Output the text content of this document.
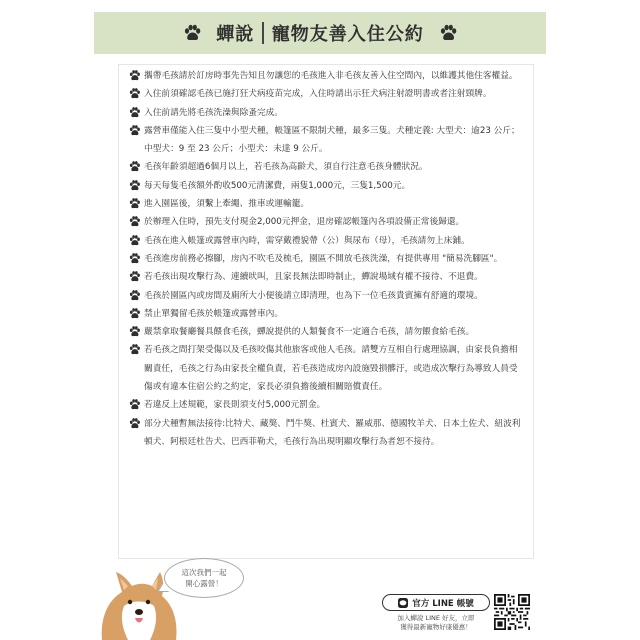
蟬說 寵物友善入住公約
攜帶毛孩請於訂房時事先告知且勿讓您的毛孩進入非毛孩友善入住空間內，以維護其他住客權益。
入住前須確認毛孩已施打狂犬病疫苗完成，入住時請出示狂犬病注射證明書或者注射頸牌。
入住前請先將毛孩洗澡與除蚤完成。
露營車僅能入住三隻中小型犬種，帳篷區不限制犬種，最多三隻。犬種定義: 大型犬：逾23 公斤；中型犬：9 至 23 公斤；小型犬：未達 9 公斤。
毛孩年齡須超過6個月以上，若毛孩為高齡犬，須自行注意毛孩身體狀況。
每天每隻毛孩額外酌收500元清潔費，兩隻1,000元，三隻1,500元。
進入園區後，須繫上牽繩、推車或運輸籠。
於辦理入住時，預先支付現金2,000元押金，退房確認帳篷內各項設備正常後歸還。
毛孩在進入帳篷或露營車內時，需穿戴禮貌帶（公）與尿布（母），毛孩請勿上床鋪。
毛孩進房前務必擦腳，房內不吹毛及梳毛，園區不開放毛孩洗澡，有提供專用 "簡易洗腳區"。
若毛孩出現攻擊行為、連續吠叫，且家長無法即時制止，蟬說場域有權不接待、不退費。
毛孩於園區內或房間及廁所大小便後請立即清理，也為下一位毛孩貴賓擁有舒適的環境。
禁止單獨留毛孩於帳篷或露營車內。
嚴禁拿取餐廳餐具餵食毛孩，蟬說提供的人類餐食不一定適合毛孩，請勿餵食給毛孩。
若毛孩之間打架受傷以及毛孩咬傷其他旅客或他人毛孩。請雙方互相自行處理協調，由家長負擔相關責任，毛孩之行為由家長全權負責，若毛孩造成房內設施毀損髒汙，或造成次擊行為導致人員受傷或有違本住宿公約之約定，家長必須負擔後續相關賠償責任。
若違反上述規範，家長則須支付5,000元罰金。
部分犬種暫無法接待:比特犬、藏獒、鬥牛獒、杜賓犬、羅威那、德國牧羊犬、日本土佐犬、紐波利頓犬、阿根廷杜告犬、巴西菲勒犬，毛孩行為出現明顯攻擊行為者恕不接待。
這次我們一起
開心露營！
官方 LINE 帳號
加入蟬說 LINE 好友，立即
獲得最新寵物好康優惠！
